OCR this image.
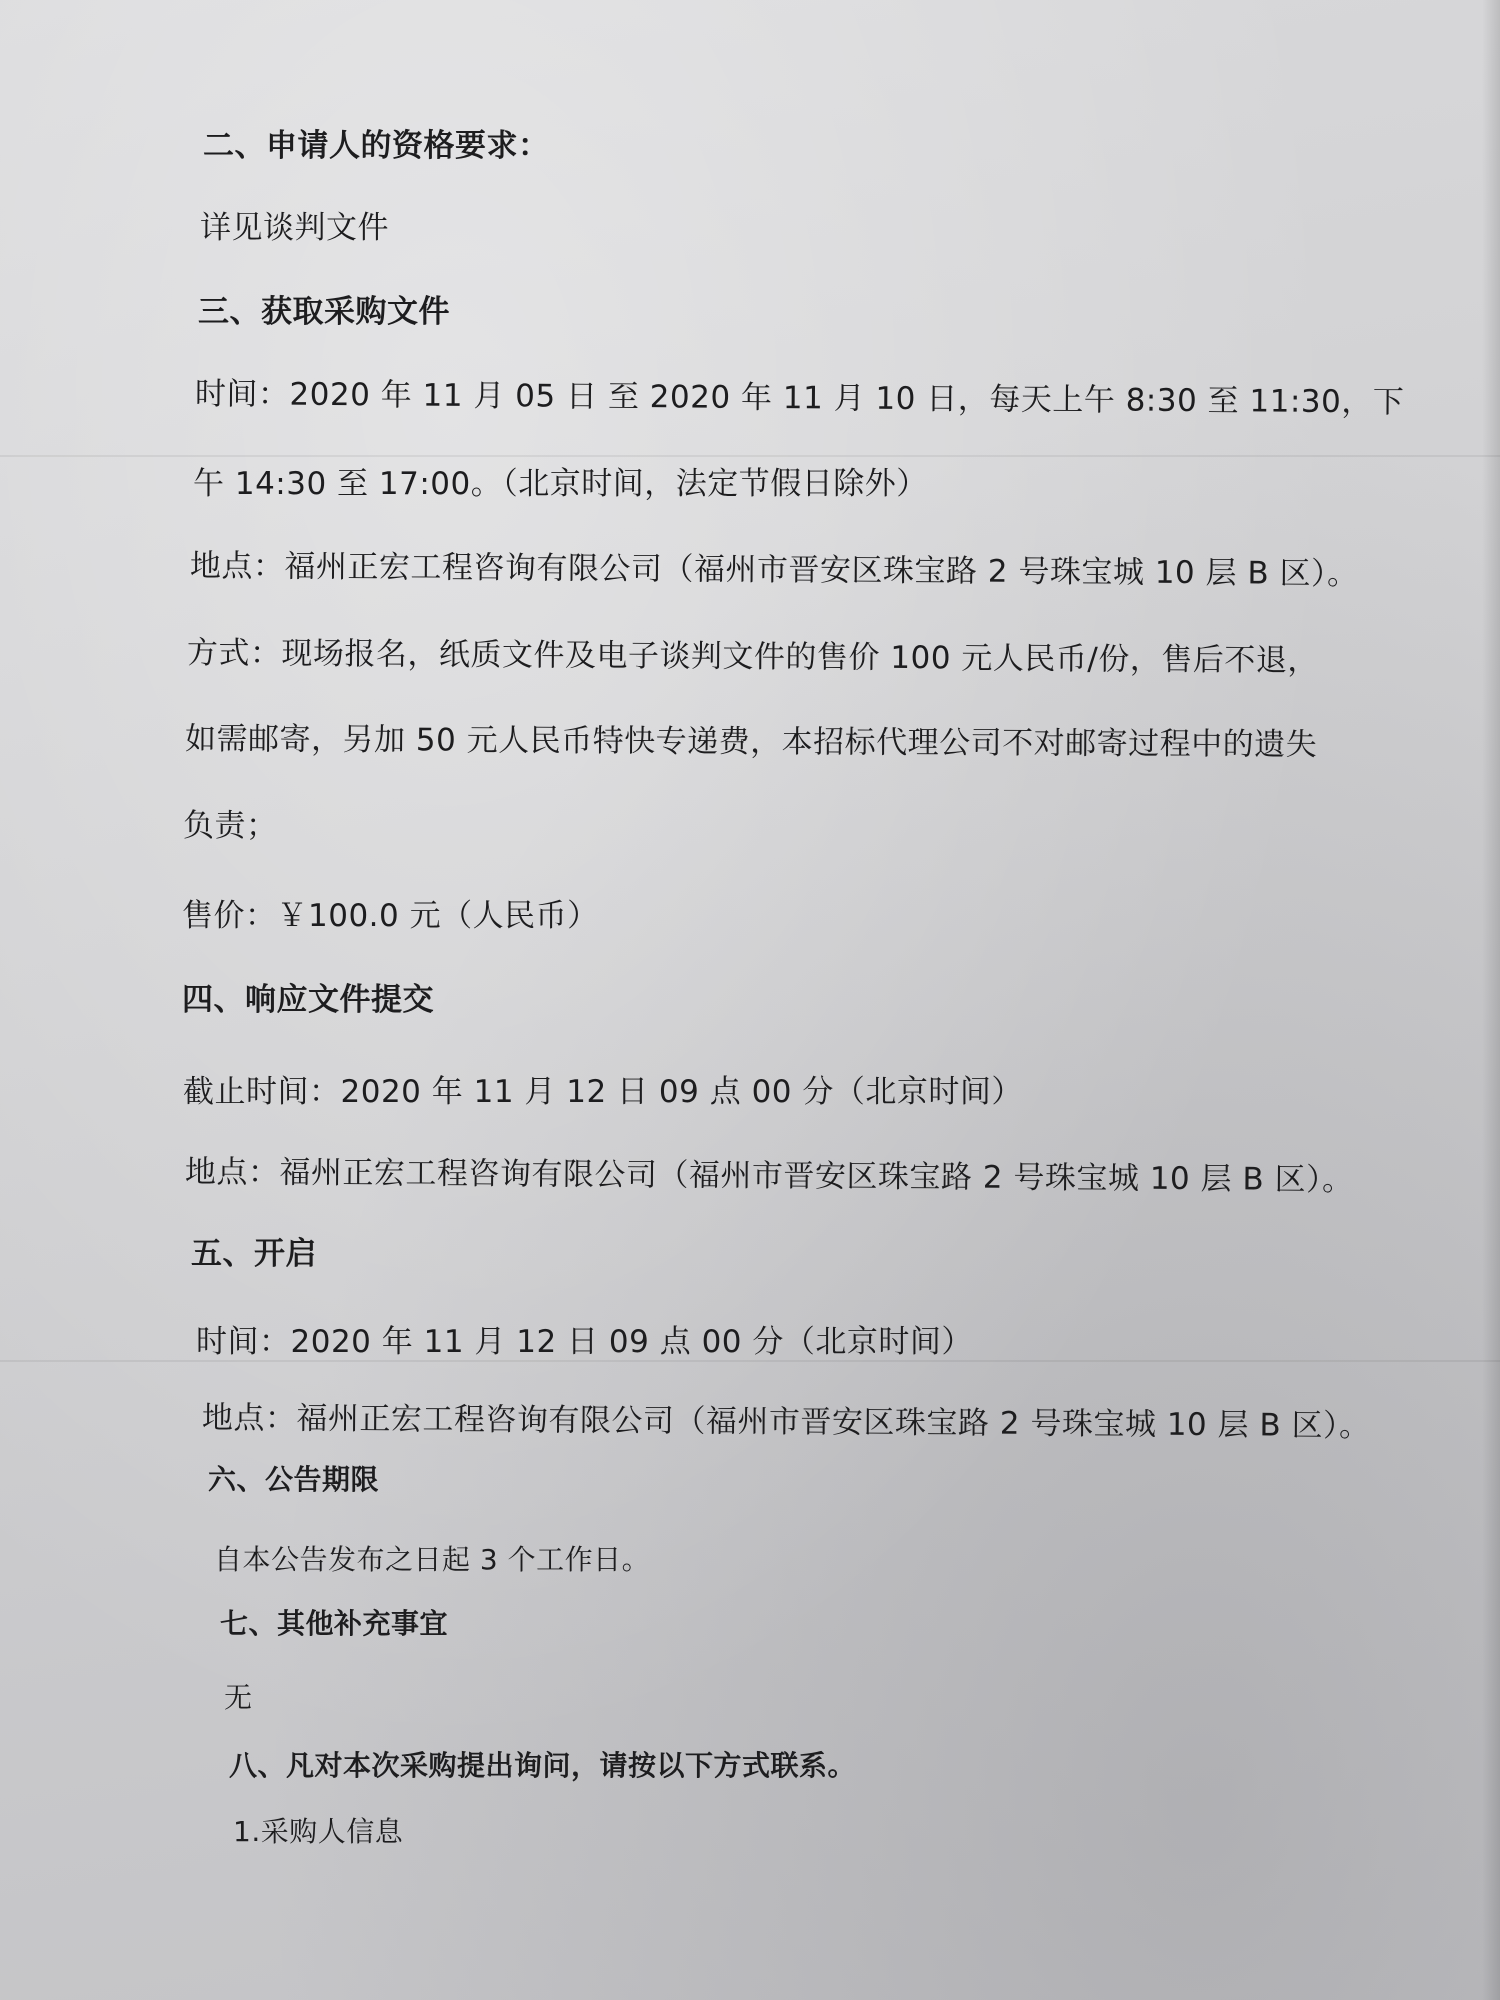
二、申请人的资格要求：
详见谈判文件
三、获取采购文件
时间：2020 年 11 月 05 日 至 2020 年 11 月 10 日，每天上午 8:30 至 11:30，下
午 14:30 至 17:00。（北京时间，法定节假日除外）
地点：福州正宏工程咨询有限公司（福州市晋安区珠宝路 2 号珠宝城 10 层 B 区）。
方式：现场报名，纸质文件及电子谈判文件的售价 100 元人民币/份，售后不退，
如需邮寄，另加 50 元人民币特快专递费，本招标代理公司不对邮寄过程中的遗失
负责；
售价：￥100.0 元（人民币）
四、响应文件提交
截止时间：2020 年 11 月 12 日 09 点 00 分（北京时间）
地点：福州正宏工程咨询有限公司（福州市晋安区珠宝路 2 号珠宝城 10 层 B 区）。
五、开启
时间：2020 年 11 月 12 日 09 点 00 分（北京时间）
地点：福州正宏工程咨询有限公司（福州市晋安区珠宝路 2 号珠宝城 10 层 B 区）。
六、公告期限
自本公告发布之日起 3 个工作日。
七、其他补充事宜
无
八、凡对本次采购提出询问，请按以下方式联系。
1.采购人信息
